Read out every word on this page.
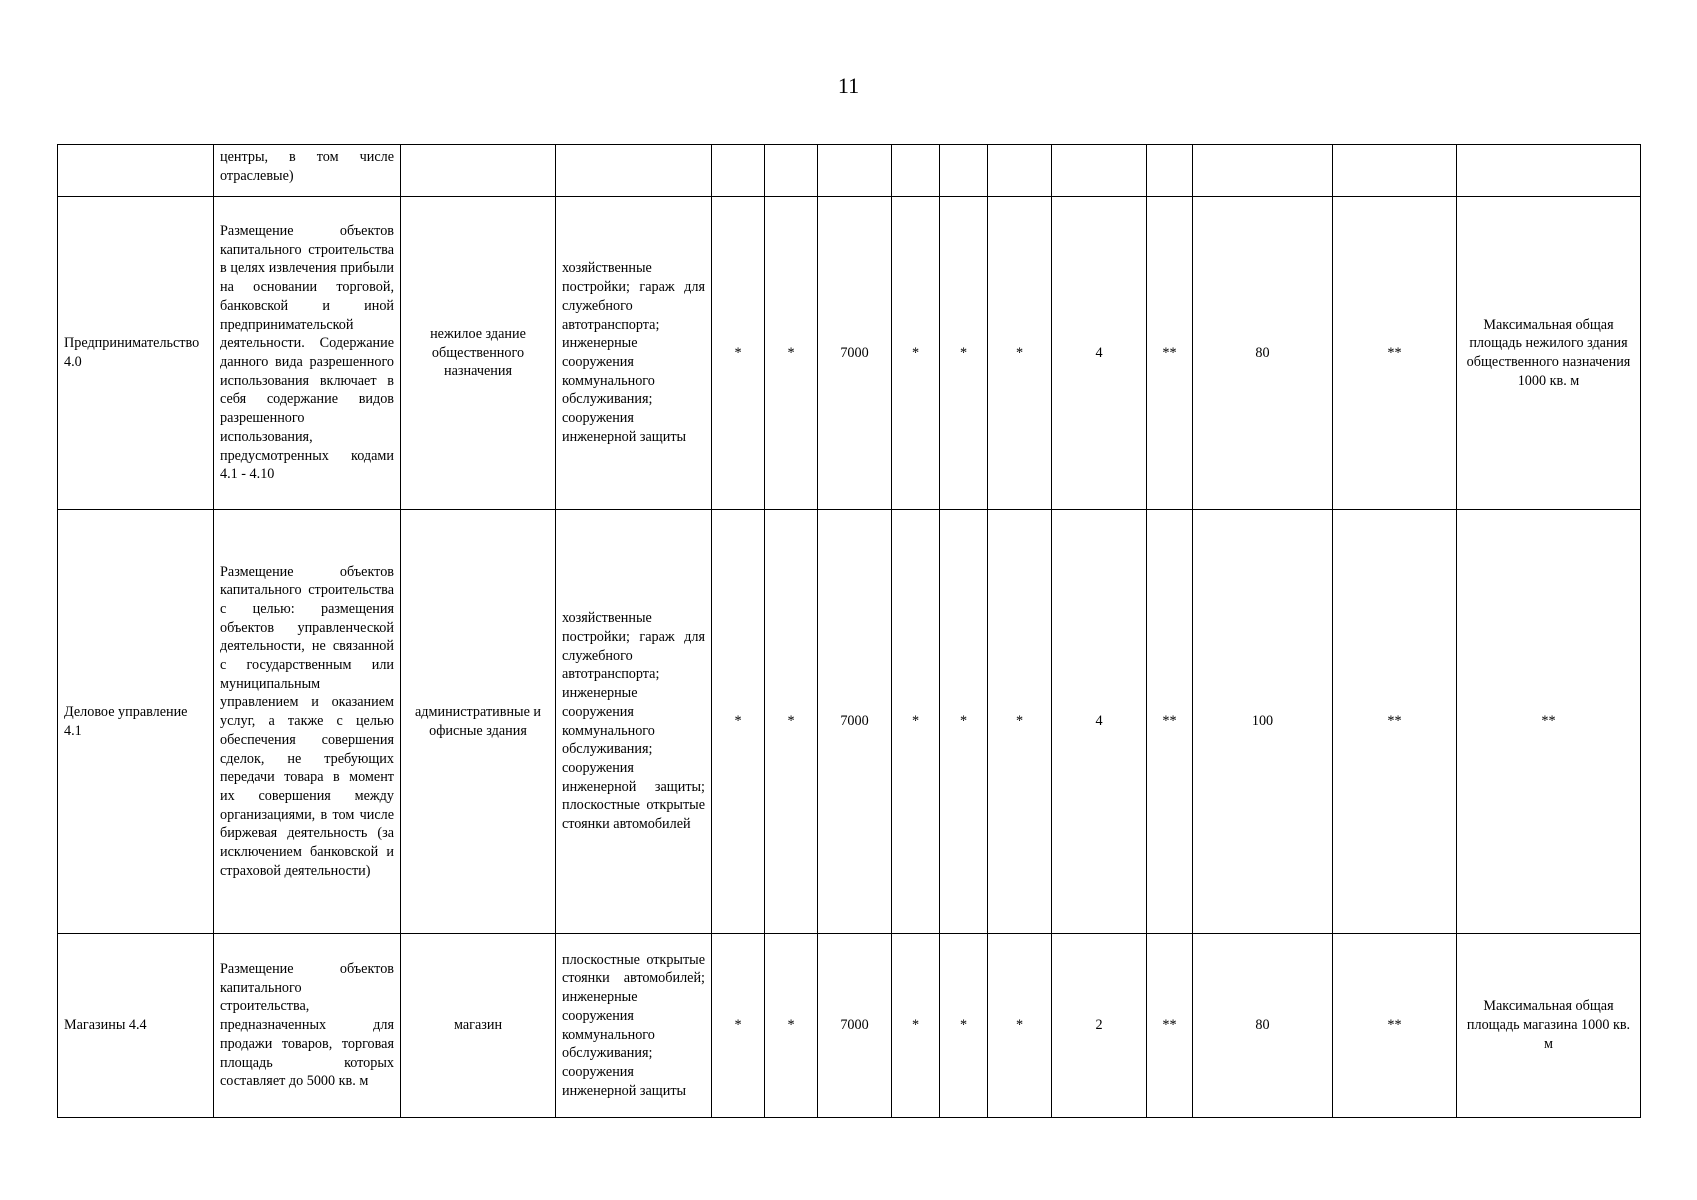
11
	центры, в том числе отраслевые)													
Предпринимательство 4.0	Размещение объектов капитального строительства в целях извлечения прибыли на основании торговой, банковской и иной предпринимательской деятельности. Содержание данного вида разрешенного использования включает в себя содержание видов разрешенного использования, предусмотренных кодами 4.1 - 4.10	нежилое здание общественного назначения	хозяйственные постройки; гараж для служебного автотранспорта; инженерные сооружения коммунального обслуживания; сооружения инженерной защиты	*	*	7000	*	*	*	4	**	80	**	Максимальная общая площадь нежилого здания общественного назначения 1000 кв. м
Деловое управление 4.1	Размещение объектов капитального строительства с целью: размещения объектов управленческой деятельности, не связанной с государственным или муниципальным управлением и оказанием услуг, а также с целью обеспечения совершения сделок, не требующих передачи товара в момент их совершения между организациями, в том числе биржевая деятельность (за исключением банковской и страховой деятельности)	административные и офисные здания	хозяйственные постройки; гараж для служебного автотранспорта; инженерные сооружения коммунального обслуживания; сооружения инженерной защиты; плоскостные открытые стоянки автомобилей	*	*	7000	*	*	*	4	**	100	**	**
Магазины 4.4	Размещение объектов капитального строительства, предназначенных для продажи товаров, торговая площадь которых составляет до 5000 кв. м	магазин	плоскостные открытые стоянки автомобилей; инженерные сооружения коммунального обслуживания; сооружения инженерной защиты	*	*	7000	*	*	*	2	**	80	**	Максимальная общая площадь магазина 1000 кв. м
